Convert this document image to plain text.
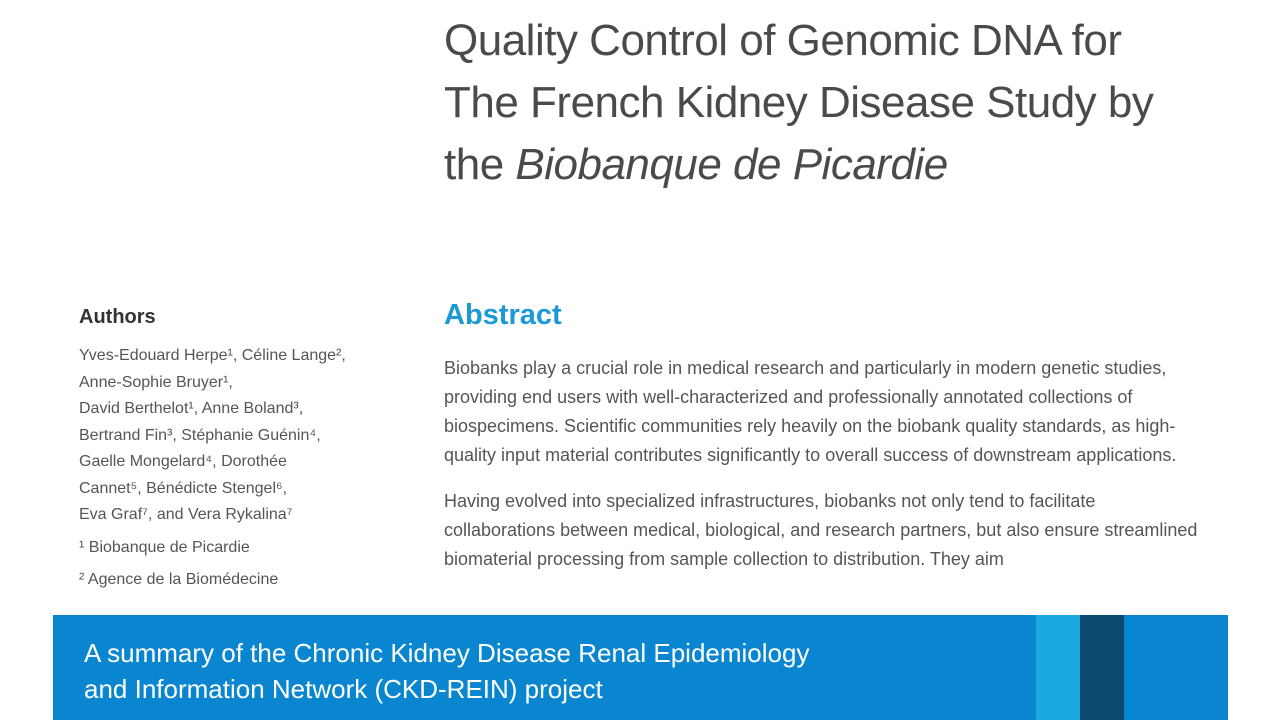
Quality Control of Genomic DNA for
The French Kidney Disease Study by
the Biobanque de Picardie
Authors

Yves-Edouard Herpe¹, Céline Lange²,

Anne-Sophie Bruyer¹,

David Berthelot¹, Anne Boland³,

Bertrand Fin³, Stéphanie Guénin⁴,

Gaelle Mongelard⁴, Dorothée

Cannet⁵, Bénédicte Stengel⁶,

Eva Graf⁷, and Vera Rykalina⁷

¹ Biobanque de Picardie

² Agence de la Biomédecine

Abstract

Biobanks play a crucial role in medical research and particularly in modern genetic studies, providing end users with well-characterized and professionally annotated collections of biospecimens. Scientific communities rely heavily on the biobank quality standards, as high-quality input material contributes significantly to overall success of downstream applications.

Having evolved into specialized infrastructures, biobanks not only tend to facilitate collaborations between medical, biological, and research partners, but also ensure streamlined biomaterial processing from sample collection to distribution. They aim

A summary of the Chronic Kidney Disease Renal Epidemiology
and Information Network (CKD-REIN) project
